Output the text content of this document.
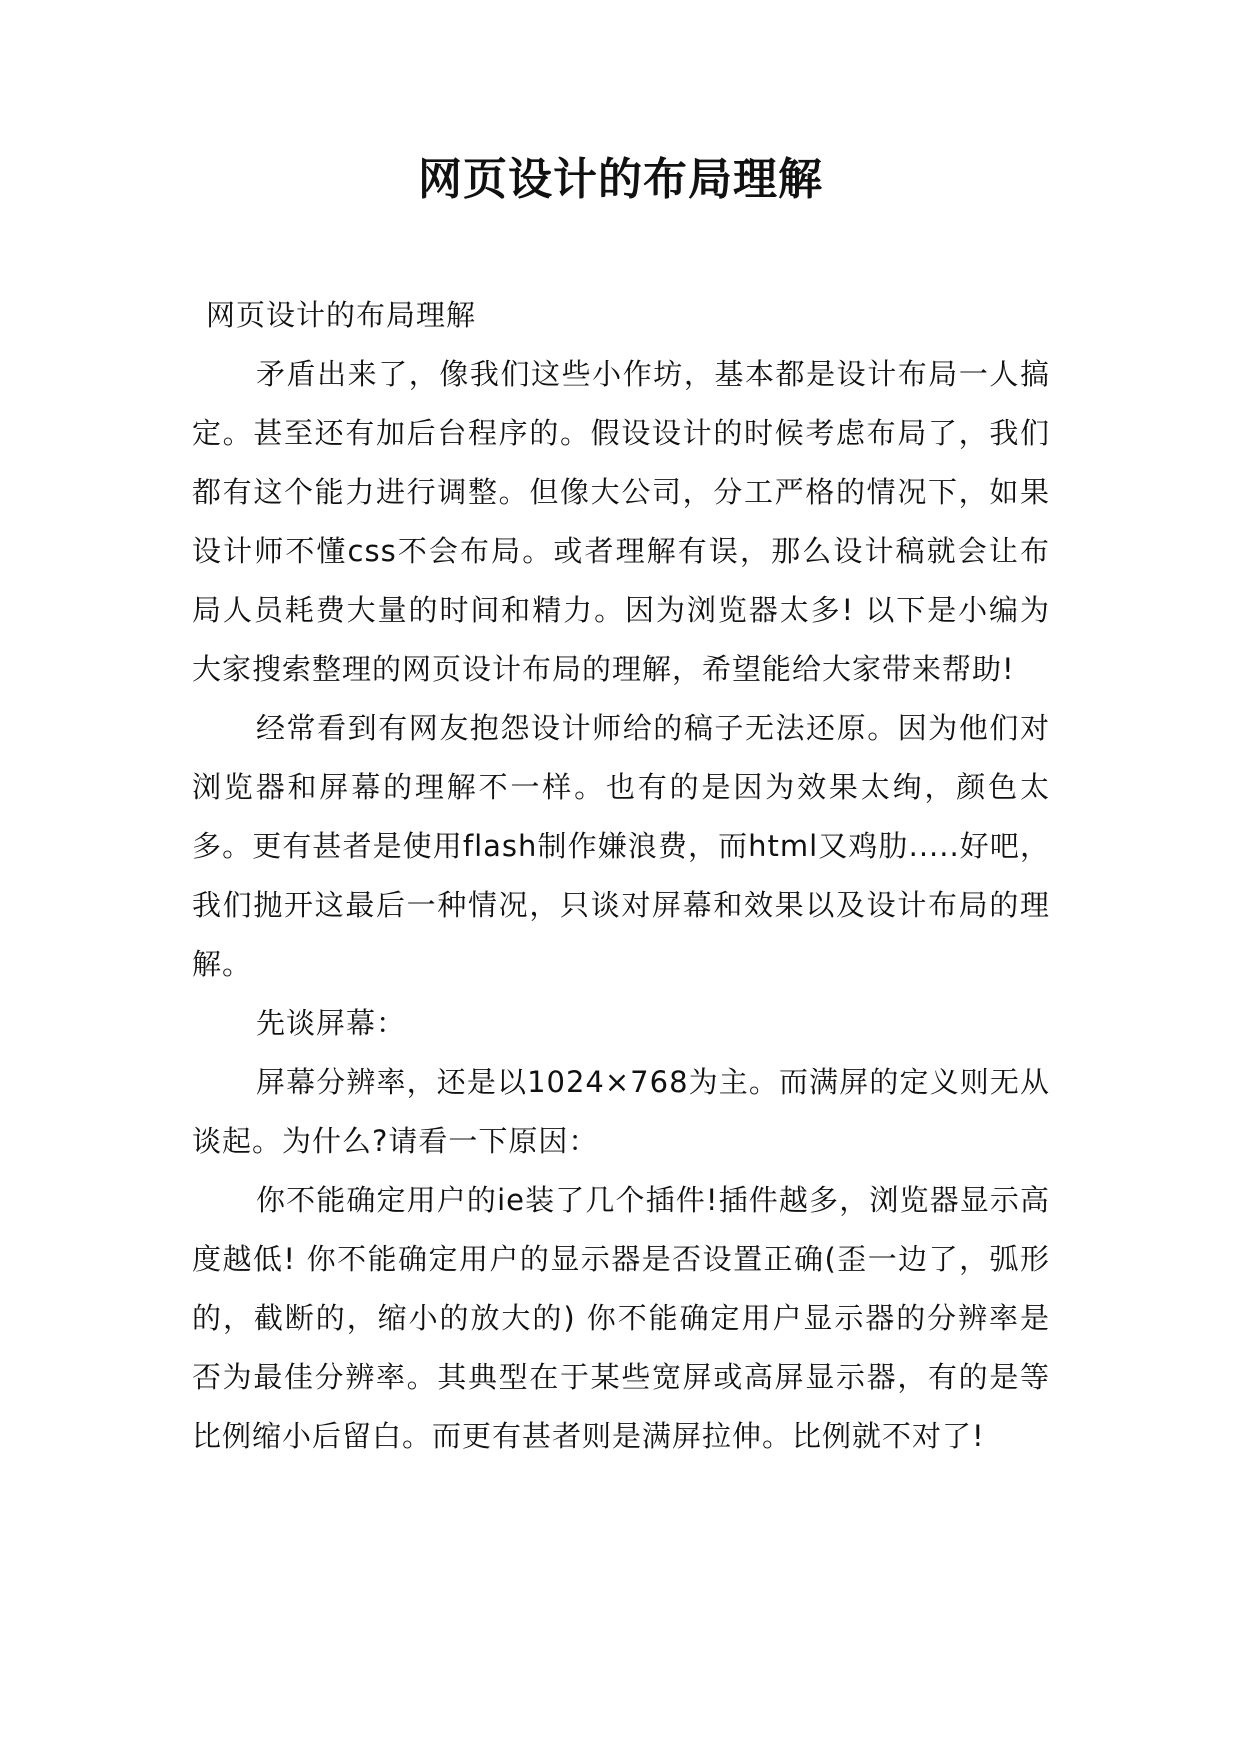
网页设计的布局理解

网页设计的布局理解

矛盾出来了，像我们这些小作坊，基本都是设计布局一人搞定。甚至还有加后台程序的。假设设计的时候考虑布局了，我们都有这个能力进行调整。但像大公司，分工严格的情况下，如果设计师不懂css不会布局。或者理解有误，那么设计稿就会让布局人员耗费大量的时间和精力。因为浏览器太多! 以下是小编为大家搜索整理的网页设计布局的理解，希望能给大家带来帮助!

经常看到有网友抱怨设计师给的稿子无法还原。因为他们对浏览器和屏幕的理解不一样。也有的是因为效果太绚，颜色太多。更有甚者是使用flash制作嫌浪费，而html又鸡肋.....好吧，我们抛开这最后一种情况，只谈对屏幕和效果以及设计布局的理解。

先谈屏幕：

屏幕分辨率，还是以1024×768为主。而满屏的定义则无从谈起。为什么?请看一下原因：

你不能确定用户的ie装了几个插件!插件越多，浏览器显示高度越低! 你不能确定用户的显示器是否设置正确(歪一边了，弧形的，截断的，缩小的放大的) 你不能确定用户显示器的分辨率是否为最佳分辨率。其典型在于某些宽屏或高屏显示器，有的是等比例缩小后留白。而更有甚者则是满屏拉伸。比例就不对了!
